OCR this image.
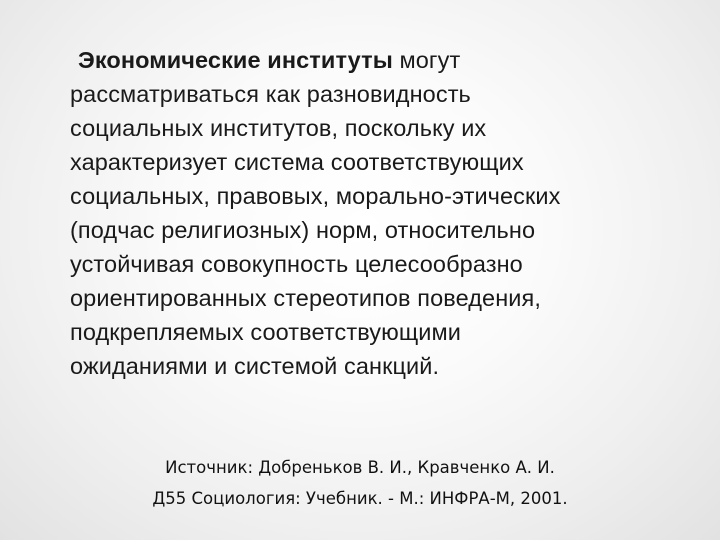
Экономические институты могут
рассматриваться как разновидность
социальных институтов, поскольку их
характеризует система соответствующих
социальных, правовых, морально-этических
(подчас религиозных) норм, относительно
устойчивая совокупность целесообразно
ориентированных стереотипов поведения,
подкрепляемых соответствующими
ожиданиями и системой санкций.

Источник: Добреньков В. И., Кравченко А. И.
Д55 Социология: Учебник. - М.: ИНФРА-М, 2001.
